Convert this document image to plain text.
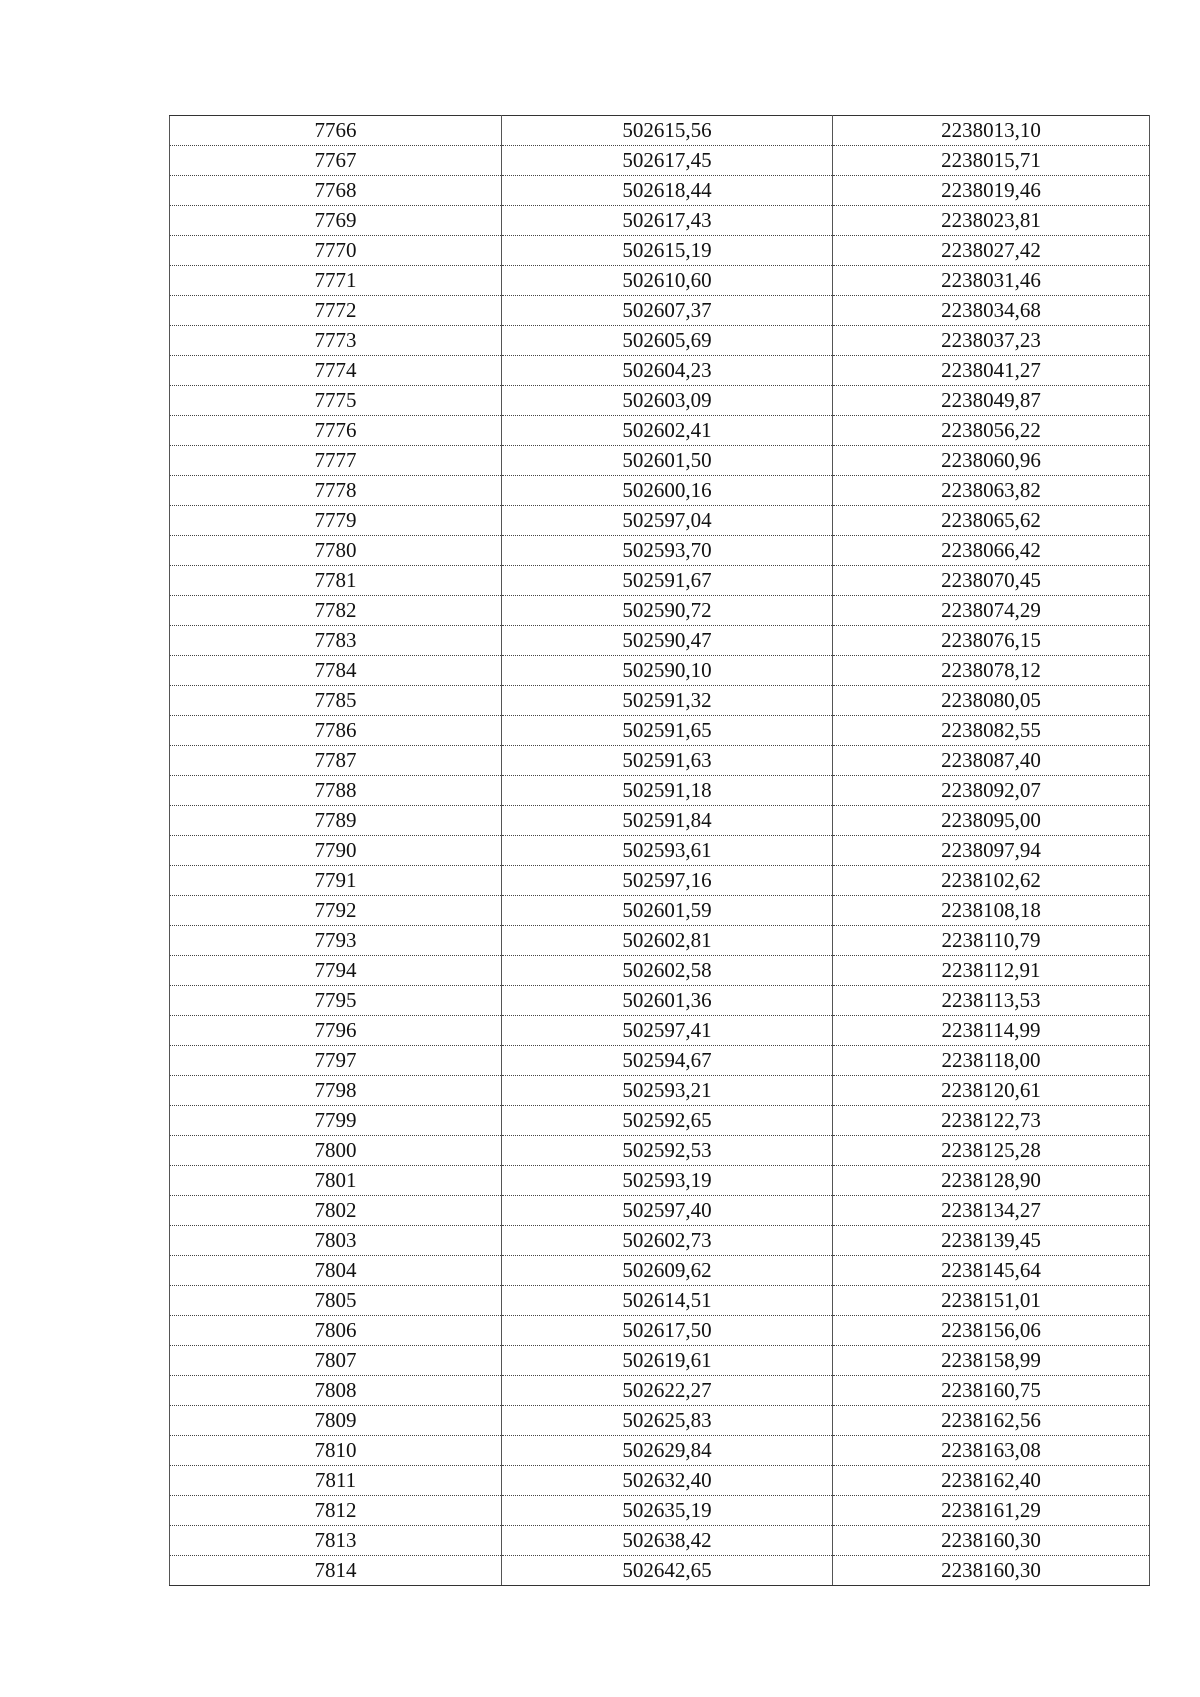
7766	502615,56	2238013,10
7767	502617,45	2238015,71
7768	502618,44	2238019,46
7769	502617,43	2238023,81
7770	502615,19	2238027,42
7771	502610,60	2238031,46
7772	502607,37	2238034,68
7773	502605,69	2238037,23
7774	502604,23	2238041,27
7775	502603,09	2238049,87
7776	502602,41	2238056,22
7777	502601,50	2238060,96
7778	502600,16	2238063,82
7779	502597,04	2238065,62
7780	502593,70	2238066,42
7781	502591,67	2238070,45
7782	502590,72	2238074,29
7783	502590,47	2238076,15
7784	502590,10	2238078,12
7785	502591,32	2238080,05
7786	502591,65	2238082,55
7787	502591,63	2238087,40
7788	502591,18	2238092,07
7789	502591,84	2238095,00
7790	502593,61	2238097,94
7791	502597,16	2238102,62
7792	502601,59	2238108,18
7793	502602,81	2238110,79
7794	502602,58	2238112,91
7795	502601,36	2238113,53
7796	502597,41	2238114,99
7797	502594,67	2238118,00
7798	502593,21	2238120,61
7799	502592,65	2238122,73
7800	502592,53	2238125,28
7801	502593,19	2238128,90
7802	502597,40	2238134,27
7803	502602,73	2238139,45
7804	502609,62	2238145,64
7805	502614,51	2238151,01
7806	502617,50	2238156,06
7807	502619,61	2238158,99
7808	502622,27	2238160,75
7809	502625,83	2238162,56
7810	502629,84	2238163,08
7811	502632,40	2238162,40
7812	502635,19	2238161,29
7813	502638,42	2238160,30
7814	502642,65	2238160,30
